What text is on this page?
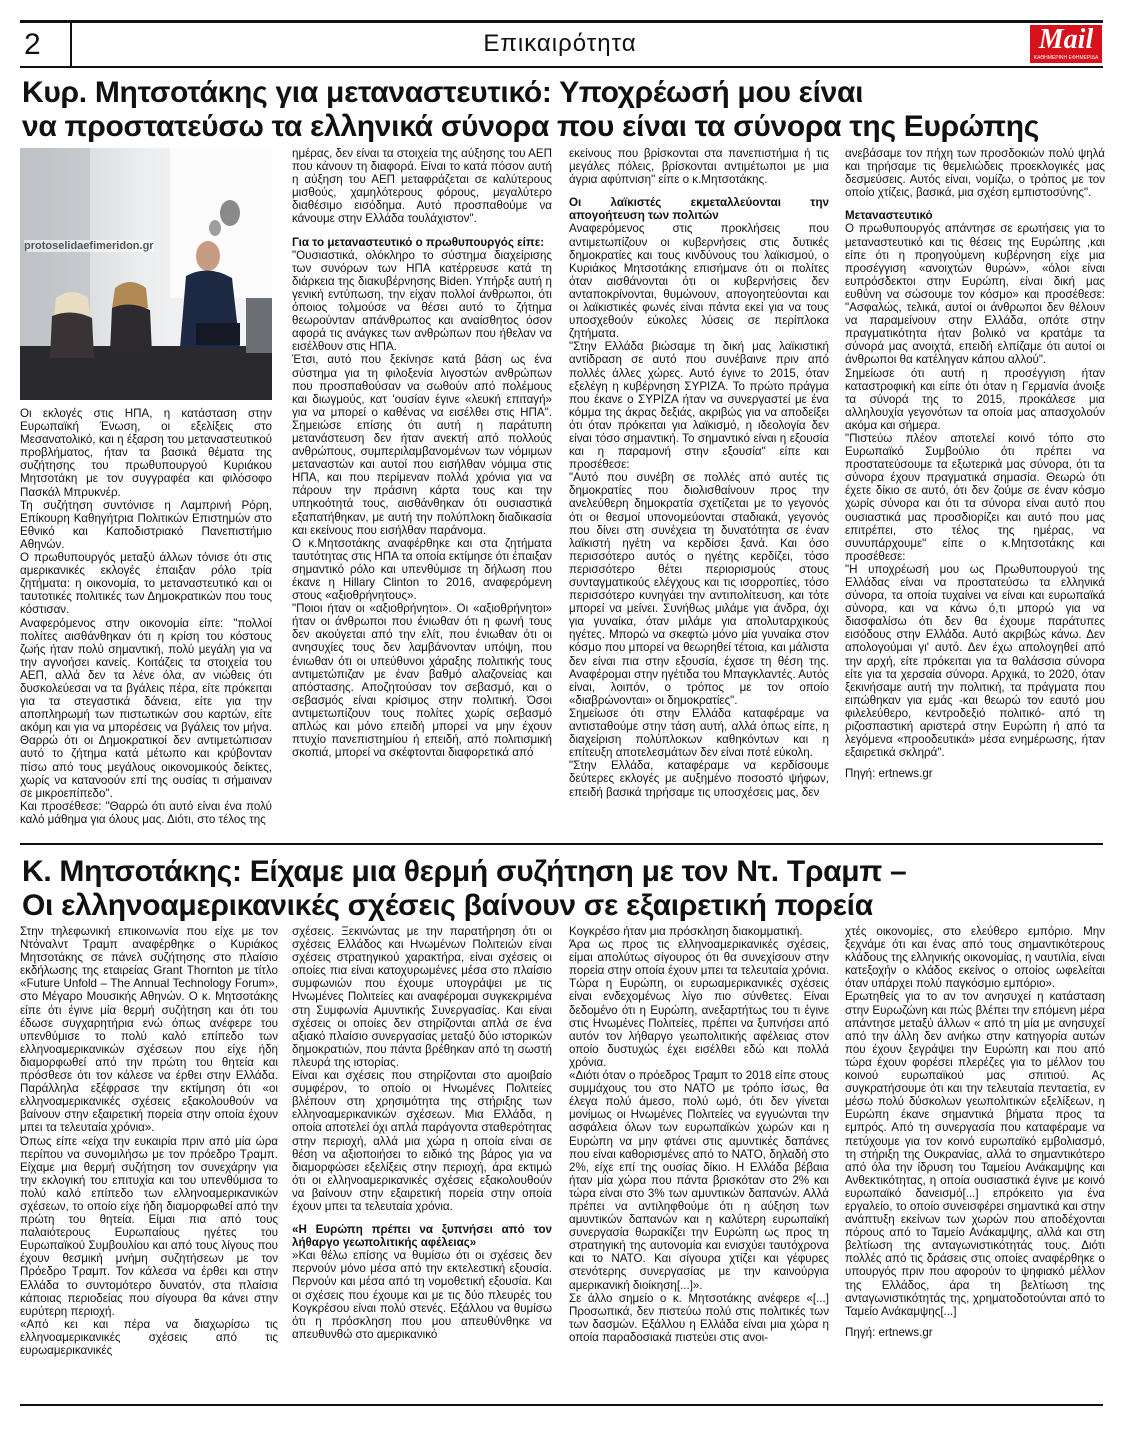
2	Επικαιρότητα	Mail
ΚΑΘΗΜΕΡΙΝΗ ΕΦΗΜΕΡΙΔΑ
Κυρ. Μητσοτάκης για μεταναστευτικό: Υποχρέωσή μου είναι
να προστατεύσω τα ελληνικά σύνορα που είναι τα σύνορα της Ευρώπης
protoselidaefimeridon.gr

Οι εκλογές στις ΗΠΑ, η κατάσταση στην Ευρωπαϊκή Ένωση, οι εξελίξεις στο Μεσανατολικό, και η έξαρση του μεταναστευτικού προβλήματος, ήταν τα βασικά θέματα της συζήτησης του πρωθυπουργού Κυριάκου Μητσοτάκη με τον συγγραφέα και φιλόσοφο Πασκάλ Μπρυκνέρ.

Τη συζήτηση συντόνισε η Λαμπρινή Ρόρη, Επίκουρη Καθηγήτρια Πολιτικών Επιστημών στο Εθνικό και Καποδιστριακό Πανεπιστήμιο Αθηνών.

Ο πρωθυπουργός μεταξύ άλλων τόνισε ότι στις αμερικανικές εκλογές έπαιξαν ρόλο τρία ζητήματα: η οικονομία, το μεταναστευτικό και οι ταυτοτικές πολιτικές των Δημοκρατικών που τους κόστισαν.

Αναφερόμενος στην οικονομία είπε: "πολλοί πολίτες αισθάνθηκαν ότι η κρίση του κόστους ζωής ήταν πολύ σημαντική, πολύ μεγάλη για να την αγνοήσει κανείς. Κοιτάζεις τα στοιχεία του ΑΕΠ, αλλά δεν τα λένε όλα, αν νιώθεις ότι δυσκολεύεσαι να τα βγάλεις πέρα, είτε πρόκειται για τα στεγαστικά δάνεια, είτε για την αποπληρωμή των πιστωτικών σου καρτών, είτε ακόμη και για να μπορέσεις να βγάλεις τον μήνα. Θαρρώ ότι οι Δημοκρατικοί δεν αντιμετώπισαν αυτό το ζήτημα κατά μέτωπο και κρύβονταν πίσω από τους μεγάλους οικονομικούς δείκτες, χωρίς να κατανοούν επί της ουσίας τι σήμαιναν σε μικροεπίπεδο".

Και προσέθεσε: "Θαρρώ ότι αυτό είναι ένα πολύ καλό μάθημα για όλους μας. Διότι, στο τέλος της

ημέρας, δεν είναι τα στοιχεία της αύξησης του ΑΕΠ που κάνουν τη διαφορά. Είναι το κατά πόσον αυτή η αύξηση του ΑΕΠ μεταφράζεται σε καλύτερους μισθούς, χαμηλότερους φόρους, μεγαλύτερο διαθέσιμο εισόδημα. Αυτό προσπαθούμε να κάνουμε στην Ελλάδα τουλάχιστον".

Για το μεταναστευτικό ο πρωθυπουργός είπε:

"Ουσιαστικά, ολόκληρο το σύστημα διαχείρισης των συνόρων των ΗΠΑ κατέρρευσε κατά τη διάρκεια της διακυβέρνησης Biden. Υπήρξε αυτή η γενική εντύπωση, την είχαν πολλοί άνθρωποι, ότι όποιος τολμούσε να θέσει αυτό το ζήτημα θεωρούνταν απάνθρωπος και αναίσθητος όσον αφορά τις ανάγκες των ανθρώπων που ήθελαν να εισέλθουν στις ΗΠΑ.

Έτσι, αυτό που ξεκίνησε κατά βάση ως ένα σύστημα για τη φιλοξενία λιγοστών ανθρώπων που προσπαθούσαν να σωθούν από πολέμους και διωγμούς, κατ 'ουσίαν έγινε «λευκή επιταγή» για να μπορεί ο καθένας να εισέλθει στις ΗΠΑ". Σημειώσε επίσης ότι αυτή η παράτυπη μετανάστευση δεν ήταν ανεκτή από πολλούς ανθρώπους, συμπεριλαμβανομένων των νόμιμων μεταναστών και αυτοί που εισήλθαν νόμιμα στις ΗΠΑ, και που περίμεναν πολλά χρόνια για να πάρουν την πράσινη κάρτα τους και την υπηκοότητά τους, αισθάνθηκαν ότι ουσιαστικά εξαπατήθηκαν, με αυτή την πολύπλοκη διαδικασία και εκείνους που εισήλθαν παράνομα.

Ο κ.Μητσοτάκης αναφέρθηκε και στα ζητήματα ταυτότητας στις ΗΠΑ τα οποία εκτίμησε ότι έπαιξαν σημαντικό ρόλο και υπενθύμισε τη δήλωση που έκανε η Hillary Clinton το 2016, αναφερόμενη στους «αξιοθρήνητους».

"Ποιοι ήταν οι «αξιοθρήνητοι». Οι «αξιοθρήνητοι» ήταν οι άνθρωποι που ένιωθαν ότι η φωνή τους δεν ακούγεται από την ελίτ, που ένιωθαν ότι οι ανησυχίες τους δεν λαμβάνονταν υπόψη, που ένιωθαν ότι οι υπεύθυνοι χάραξης πολιτικής τους αντιμετώπιζαν με έναν βαθμό αλαζονείας και απόστασης. Αποζητούσαν τον σεβασμό, και ο σεβασμός είναι κρίσιμος στην πολιτική. Όσοι αντιμετωπίζουν τους πολίτες χωρίς σεβασμό απλώς και μόνο επειδή μπορεί να μην έχουν πτυχίο πανεπιστημίου ή επειδή, από πολιτισμική σκοπιά, μπορεί να σκέφτονται διαφορετικά από

εκείνους που βρίσκονται στα πανεπιστήμια ή τις μεγάλες πόλεις, βρίσκονται αντιμέτωποι με μια άγρια αφύπνιση" είπε ο κ.Μητσοτάκης.

Οι λαϊκιστές εκμεταλλεύονται την απογοήτευση των πολιτών

Αναφερόμενος στις προκλήσεις που αντιμετωπίζουν οι κυβερνήσεις στις δυτικές δημοκρατίες και τους κινδύνους του λαϊκισμού, ο Κυριάκος Μητσοτάκης επισήμανε ότι οι πολίτες όταν αισθάνονται ότι οι κυβερνήσεις δεν ανταποκρίνονται, θυμώνουν, απογοητεύονται και οι λαϊκιστικές φωνές είναι πάντα εκεί για να τους υποσχεθούν εύκολες λύσεις σε περίπλοκα ζητήματα.

"Στην Ελλάδα βιώσαμε τη δική μας λαϊκιστική αντίδραση σε αυτό που συνέβαινε πριν από πολλές άλλες χώρες. Αυτό έγινε το 2015, όταν εξελέγη η κυβέρνηση ΣΥΡΙΖΑ. Το πρώτο πράγμα που έκανε ο ΣΥΡΙΖΑ ήταν να συνεργαστεί με ένα κόμμα της άκρας δεξιάς, ακριβώς για να αποδείξει ότι όταν πρόκειται για λαϊκισμό, η ιδεολογία δεν είναι τόσο σημαντική. Το σημαντικό είναι η εξουσία και η παραμονή στην εξουσία" είπε και προσέθεσε:

"Αυτό που συνέβη σε πολλές από αυτές τις δημοκρατίες που διολισθαίνουν προς την ανελεύθερη δημοκρατία σχετίζεται με το γεγονός ότι οι θεσμοί υπονομεύονται σταδιακά, γεγονός που δίνει στη συνέχεια τη δυνατότητα σε έναν λαϊκιστή ηγέτη να κερδίσει ξανά. Και όσο περισσότερο αυτός ο ηγέτης κερδίζει, τόσο περισσότερο θέτει περιορισμούς στους συνταγματικούς ελέγχους και τις ισορροπίες, τόσο περισσότερο κυνηγάει την αντιπολίτευση, και τότε μπορεί να μείνει. Συνήθως μιλάμε για άνδρα, όχι για γυναίκα, όταν μιλάμε για απολυταρχικούς ηγέτες. Μπορώ να σκεφτώ μόνο μία γυναίκα στον κόσμο που μπορεί να θεωρηθεί τέτοια, και μάλιστα δεν είναι πια στην εξουσία, έχασε τη θέση της. Αναφέρομαι στην ηγέτιδα του Μπαγκλαντές. Αυτός είναι, λοιπόν, ο τρόπος με τον οποίο «διαβρώνονται» οι δημοκρατίες".

Σημείωσε ότι στην Ελλάδα καταφέραμε να αντισταθούμε στην τάση αυτή, αλλά όπως είπε, η διαχείριση πολύπλοκων καθηκόντων και η επίτευξη αποτελεσμάτων δεν είναι ποτέ εύκολη.

"Στην Ελλάδα, καταφέραμε να κερδίσουμε δεύτερες εκλογές με αυξημένο ποσοστό ψήφων, επειδή βασικά τηρήσαμε τις υποσχέσεις μας, δεν

ανεβάσαμε τον πήχη των προσδοκιών πολύ ψηλά και τηρήσαμε τις θεμελιώδεις προεκλογικές μας δεσμεύσεις. Αυτός είναι, νομίζω, ο τρόπος με τον οποίο χτίζεις, βασικά, μια σχέση εμπιστοσύνης".

Μεταναστευτικό

Ο πρωθυπουργός απάντησε σε ερωτήσεις για το μεταναστευτικό και τις θέσεις της Ευρώπης ,και είπε ότι η προηγούμενη κυβέρνηση είχε μια προσέγγιση «ανοιχτών θυρών», «όλοι είναι ευπρόσδεκτοι στην Ευρώπη, είναι δική μας ευθύνη να σώσουμε τον κόσμο» και προσέθεσε: "Ασφαλώς, τελικά, αυτοί οι άνθρωποι δεν θέλουν να παραμείνουν στην Ελλάδα, οπότε στην πραγματικότητα ήταν βολικό να κρατάμε τα σύνορά μας ανοιχτά, επειδή ελπίζαμε ότι αυτοί οι άνθρωποι θα κατέληγαν κάπου αλλού".

Σημείωσε ότι αυτή η προσέγγιση ήταν καταστροφική και είπε ότι όταν η Γερμανία άνοιξε τα σύνορά της το 2015, προκάλεσε μια αλληλουχία γεγονότων τα οποία μας απασχολούν ακόμα και σήμερα.

"Πιστεύω πλέον αποτελεί κοινό τόπο στο Ευρωπαϊκό Συμβούλιο ότι πρέπει να προστατεύσουμε τα εξωτερικά μας σύνορα, ότι τα σύνορα έχουν πραγματικά σημασία. Θεωρώ ότι έχετε δίκιο σε αυτό, ότι δεν ζούμε σε έναν κόσμο χωρίς σύνορα και ότι τα σύνορα είναι αυτό που ουσιαστικά μας προσδιορίζει και αυτό που μας επιτρέπει, στο τέλος της ημέρας, να συνυπάρχουμε" είπε ο κ.Μητσοτάκης και προσέθεσε:

"Η υποχρέωσή μου ως Πρωθυπουργού της Ελλάδας είναι να προστατεύσω τα ελληνικά σύνορα, τα οποία τυχαίνει να είναι και ευρωπαϊκά σύνορα, και να κάνω ό,τι μπορώ για να διασφαλίσω ότι δεν θα έχουμε παράτυπες εισόδους στην Ελλάδα. Αυτό ακριβώς κάνω. Δεν απολογούμαι γι' αυτό. Δεν έχω απολογηθεί από την αρχή, είτε πρόκειται για τα θαλάσσια σύνορα είτε για τα χερσαία σύνορα. Αρχικά, το 2020, όταν ξεκινήσαμε αυτή την πολιτική, τα πράγματα που ειπώθηκαν για εμάς -και θεωρώ τον εαυτό μου φιλελεύθερο, κεντροδεξιό πολιτικό- από τη ριζοσπαστική αριστερά στην Ευρώπη ή από τα λεγόμενα «προοδευτικά» μέσα ενημέρωσης, ήταν εξαιρετικά σκληρά".

Πηγή: ertnews.gr

Κ. Μητσοτάκης: Είχαμε μια θερμή συζήτηση με τον Ντ. Τραμπ –
Οι ελληνοαμερικανικές σχέσεις βαίνουν σε εξαιρετική πορεία

Στην τηλεφωνική επικοινωνία που είχε με τον Ντόναλντ Τραμπ αναφέρθηκε ο Κυριάκος Μητσοτάκης σε πάνελ συζήτησης στο πλαίσιο εκδήλωσης της εταιρείας Grant Thornton με τίτλο «Future Unfold – The Annual Technology Forum», στο Μέγαρο Μουσικής Αθηνών. Ο κ. Μητσοτάκης είπε ότι έγινε μία θερμή συζήτηση και ότι του έδωσε συγχαρητήρια ενώ όπως ανέφερε του υπενθύμισε το πολύ καλό επίπεδο των ελληνοαμερικανικών σχέσεων που είχε ήδη διαμορφωθεί από την πρώτη του θητεία και πρόσθεσε ότι τον κάλεσε να έρθει στην Ελλάδα. Παράλληλα εξέφρασε την εκτίμηση ότι «οι ελληνοαμερικανικές σχέσεις εξακολουθούν να βαίνουν στην εξαιρετική πορεία στην οποία έχουν μπει τα τελευταία χρόνια».

Όπως είπε «είχα την ευκαιρία πριν από μία ώρα περίπου να συνομιλήσω με τον πρόεδρο Τραμπ. Είχαμε μια θερμή συζήτηση τον συνεχάρην για την εκλογική του επιτυχία και του υπενθύμισα το πολύ καλό επίπεδο των ελληνοαμερικανικών σχέσεων, το οποίο είχε ήδη διαμορφωθεί από την πρώτη του θητεία. Είμαι πια από τους παλαιότερους Ευρωπαίους ηγέτες του Ευρωπαϊκού Συμβουλίου και από τους λίγους που έχουν θεσμική μνήμη συζητήσεων με τον Πρόεδρο Τραμπ. Τον κάλεσα να έρθει και στην Ελλάδα το συντομότερο δυνατόν, στα πλαίσια κάποιας περιοδείας που σίγουρα θα κάνει στην ευρύτερη περιοχή.

«Από κει και πέρα να διαχωρίσω τις ελληνοαμερικανικές σχέσεις από τις ευρωαμερικανικές

σχέσεις. Ξεκινώντας με την παρατήρηση ότι οι σχέσεις Ελλάδος και Ηνωμένων Πολιτειών είναι σχέσεις στρατηγικού χαρακτήρα, είναι σχέσεις οι οποίες πια είναι κατοχυρωμένες μέσα στο πλαίσιο συμφωνιών που έχουμε υπογράψει με τις Ηνωμένες Πολιτείες και αναφέρομαι συγκεκριμένα στη Συμφωνία Αμυντικής Συνεργασίας. Και είναι σχέσεις οι οποίες δεν στηρίζονται απλά σε ένα αξιακό πλαίσιο συνεργασίας μεταξύ δύο ιστορικών δημοκρατιών, που πάντα βρέθηκαν από τη σωστή πλευρά της ιστορίας.

Είναι και σχέσεις που στηρίζονται στο αμοιβαίο συμφέρον, το οποίο οι Ηνωμένες Πολιτείες βλέπουν στη χρησιμότητα της στήριξης των ελληνοαμερικανικών σχέσεων. Μια Ελλάδα, η οποία αποτελεί όχι απλά παράγοντα σταθερότητας στην περιοχή, αλλά μια χώρα η οποία είναι σε θέση να αξιοποιήσει το ειδικό της βάρος για να διαμορφώσει εξελίξεις στην περιοχή, άρα εκτιμώ ότι οι ελληνοαμερικανικές σχέσεις εξακολουθούν να βαίνουν στην εξαιρετική πορεία στην οποία έχουν μπει τα τελευταία χρόνια.

«Η Ευρώπη πρέπει να ξυπνήσει από τον λήθαργο γεωπολιτικής αφέλειας»

»Και θέλω επίσης να θυμίσω ότι οι σχέσεις δεν περνούν μόνο μέσα από την εκτελεστική εξουσία. Περνούν και μέσα από τη νομοθετική εξουσία. Και οι σχέσεις που έχουμε και με τις δύο πλευρές του Κογκρέσου είναι πολύ στενές. Εξάλλου να θυμίσω ότι η πρόσκληση που μου απευθύνθηκε να απευθυνθώ στο αμερικανικό

Κογκρέσο ήταν μια πρόσκληση διακομματική.

Άρα ως προς τις ελληνοαμερικανικές σχέσεις, είμαι απολύτως σίγουρος ότι θα συνεχίσουν στην πορεία στην οποία έχουν μπει τα τελευταία χρόνια. Τώρα η Ευρώπη, οι ευρωαμερικανικές σχέσεις είναι ενδεχομένως λίγο πιο σύνθετες. Είναι δεδομένο ότι η Ευρώπη, ανεξαρτήτως του τι έγινε στις Ηνωμένες Πολιτείες, πρέπει να ξυπνήσει από αυτόν τον λήθαργο γεωπολιτικής αφέλειας στον οποίο δυστυχώς έχει εισέλθει εδώ και πολλά χρόνια.

«Διότι όταν ο πρόεδρος Τραμπ το 2018 είπε στους συμμάχους του στο ΝΑΤΟ με τρόπο ίσως, θα έλεγα πολύ άμεσο, πολύ ωμό, ότι δεν γίνεται μονίμως οι Ηνωμένες Πολιτείες να εγγυώνται την ασφάλεια όλων των ευρωπαϊκών χωρών και η Ευρώπη να μην φτάνει στις αμυντικές δαπάνες που είναι καθορισμένες από το ΝΑΤΟ, δηλαδή στο 2%, είχε επί της ουσίας δίκιο. Η Ελλάδα βέβαια ήταν μία χώρα που πάντα βρισκόταν στο 2% και τώρα είναι στο 3% των αμυντικών δαπανών. Αλλά πρέπει να αντιληφθούμε ότι η αύξηση των αμυντικών δαπανών και η καλύτερη ευρωπαϊκή συνεργασία θωρακίζει την Ευρώπη ως προς τη στρατηγική της αυτονομία και ενισχύει ταυτόχρονα και το ΝΑΤΟ. Και σίγουρα χτίζει και γέφυρες στενότερης συνεργασίας με την καινούργια αμερικανική διοίκηση[...]».

Σε άλλο σημείο ο κ. Μητσοτάκης ανέφερε «[...] Προσωπικά, δεν πιστεύω πολύ στις πολιτικές των των δασμών. Εξάλλου η Ελλάδα είναι μια χώρα η οποία παραδοσιακά πιστεύει στις ανοι-

χτές οικονομίες, στο ελεύθερο εμπόριο. Μην ξεχνάμε ότι και ένας από τους σημαντικότερους κλάδους της ελληνικής οικονομίας, η ναυτιλία, είναι κατεξοχήν ο κλάδος εκείνος ο οποίος ωφελείται όταν υπάρχει πολύ παγκόσμιο εμπόριο».

Ερωτηθείς για το αν τον ανησυχεί η κατάσταση στην Ευρωζώνη και πώς βλέπει την επόμενη μέρα απάντησε μεταξύ άλλων « από τη μία με ανησυχεί από την άλλη δεν ανήκω στην κατηγορία αυτών που έχουν ξεγράψει την Ευρώπη και που από τώρα έχουν φορέσει πλερέζες για το μέλλον του κοινού ευρωπαϊκού μας σπιτιού. Ας συγκρατήσουμε ότι και την τελευταία πενταετία, εν μέσω πολύ δύσκολων γεωπολιτικών εξελίξεων, η Ευρώπη έκανε σημαντικά βήματα προς τα εμπρός. Από τη συνεργασία που καταφέραμε να πετύχουμε για τον κοινό ευρωπαϊκό εμβολιασμό, τη στήριξη της Ουκρανίας, αλλά το σημαντικότερο από όλα την ίδρυση του Ταμείου Ανάκαμψης και Ανθεκτικότητας, η οποία ουσιαστικά έγινε με κοινό ευρωπαϊκό δανεισμό[...] επρόκειτο για ένα εργαλείο, το οποίο συνεισφέρει σημαντικά και στην ανάπτυξη εκείνων των χωρών που αποδέχονται πόρους από το Ταμείο Ανάκαμψης, αλλά και στη βελτίωση της ανταγωνιστικότητάς τους. Διότι πολλές από τις δράσεις στις οποίες αναφέρθηκε ο υπουργός πριν που αφορούν το ψηφιακό μέλλον της Ελλάδος, άρα τη βελτίωση της ανταγωνιστικότητάς της, χρηματοδοτούνται από το Ταμείο Ανάκαμψης[...]

Πηγή: ertnews.gr
